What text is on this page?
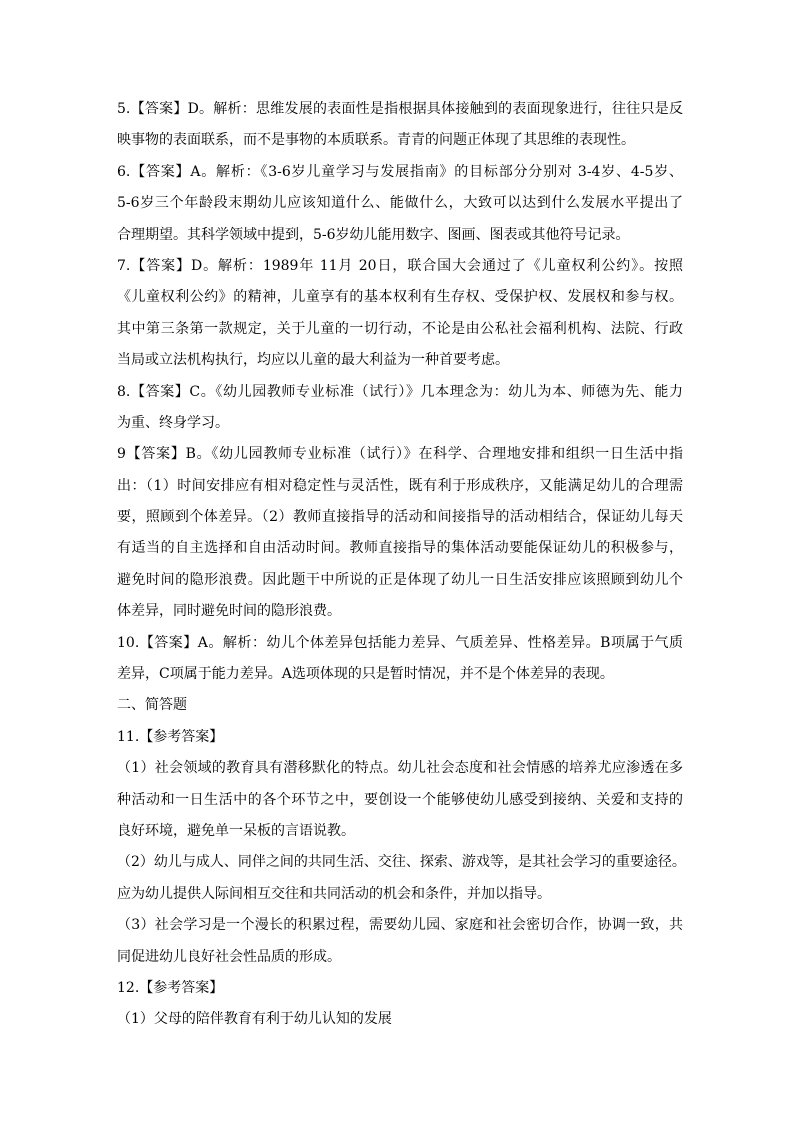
5.【答案】D。解析：思维发展的表面性是指根据具体接触到的表面现象进行，往往只是反
映事物的表面联系，而不是事物的本质联系。青青的问题正体现了其思维的表现性。
6.【答案】A。解析：《3-6岁儿童学习与发展指南》的目标部分分别对 3-4岁、4-5岁、
5-6岁三个年龄段末期幼儿应该知道什么、能做什么，大致可以达到什么发展水平提出了
合理期望。其科学领域中提到，5-6岁幼儿能用数字、图画、图表或其他符号记录。
7.【答案】D。解析：1989年 11月 20日，联合国大会通过了《儿童权利公约》。按照
《儿童权利公约》的精神，儿童享有的基本权利有生存权、受保护权、发展权和参与权。
其中第三条第一款规定，关于儿童的一切行动，不论是由公私社会福利机构、法院、行政
当局或立法机构执行，均应以儿童的最大利益为一种首要考虑。
8.【答案】C。《幼儿园教师专业标准（试行）》几本理念为：幼儿为本、师德为先、能力
为重、终身学习。
9【答案】B。《幼儿园教师专业标准（试行）》在科学、合理地安排和组织一日生活中指
出：（1）时间安排应有相对稳定性与灵活性，既有利于形成秩序，又能满足幼儿的合理需
要，照顾到个体差异。（2）教师直接指导的活动和间接指导的活动相结合，保证幼儿每天
有适当的自主选择和自由活动时间。教师直接指导的集体活动要能保证幼儿的积极参与，
避免时间的隐形浪费。因此题干中所说的正是体现了幼儿一日生活安排应该照顾到幼儿个
体差异，同时避免时间的隐形浪费。
10.【答案】A。解析：幼儿个体差异包括能力差异、气质差异、性格差异。B项属于气质
差异，C项属于能力差异。A选项体现的只是暂时情况，并不是个体差异的表现。
二、简答题
11.【参考答案】
（1）社会领域的教育具有潜移默化的特点。幼儿社会态度和社会情感的培养尤应渗透在多
种活动和一日生活中的各个环节之中，要创设一个能够使幼儿感受到接纳、关爱和支持的
良好环境，避免单一呆板的言语说教。
（2）幼儿与成人、同伴之间的共同生活、交往、探索、游戏等，是其社会学习的重要途径。
应为幼儿提供人际间相互交往和共同活动的机会和条件，并加以指导。
（3）社会学习是一个漫长的积累过程，需要幼儿园、家庭和社会密切合作，协调一致，共
同促进幼儿良好社会性品质的形成。
12.【参考答案】
（1）父母的陪伴教育有利于幼儿认知的发展
